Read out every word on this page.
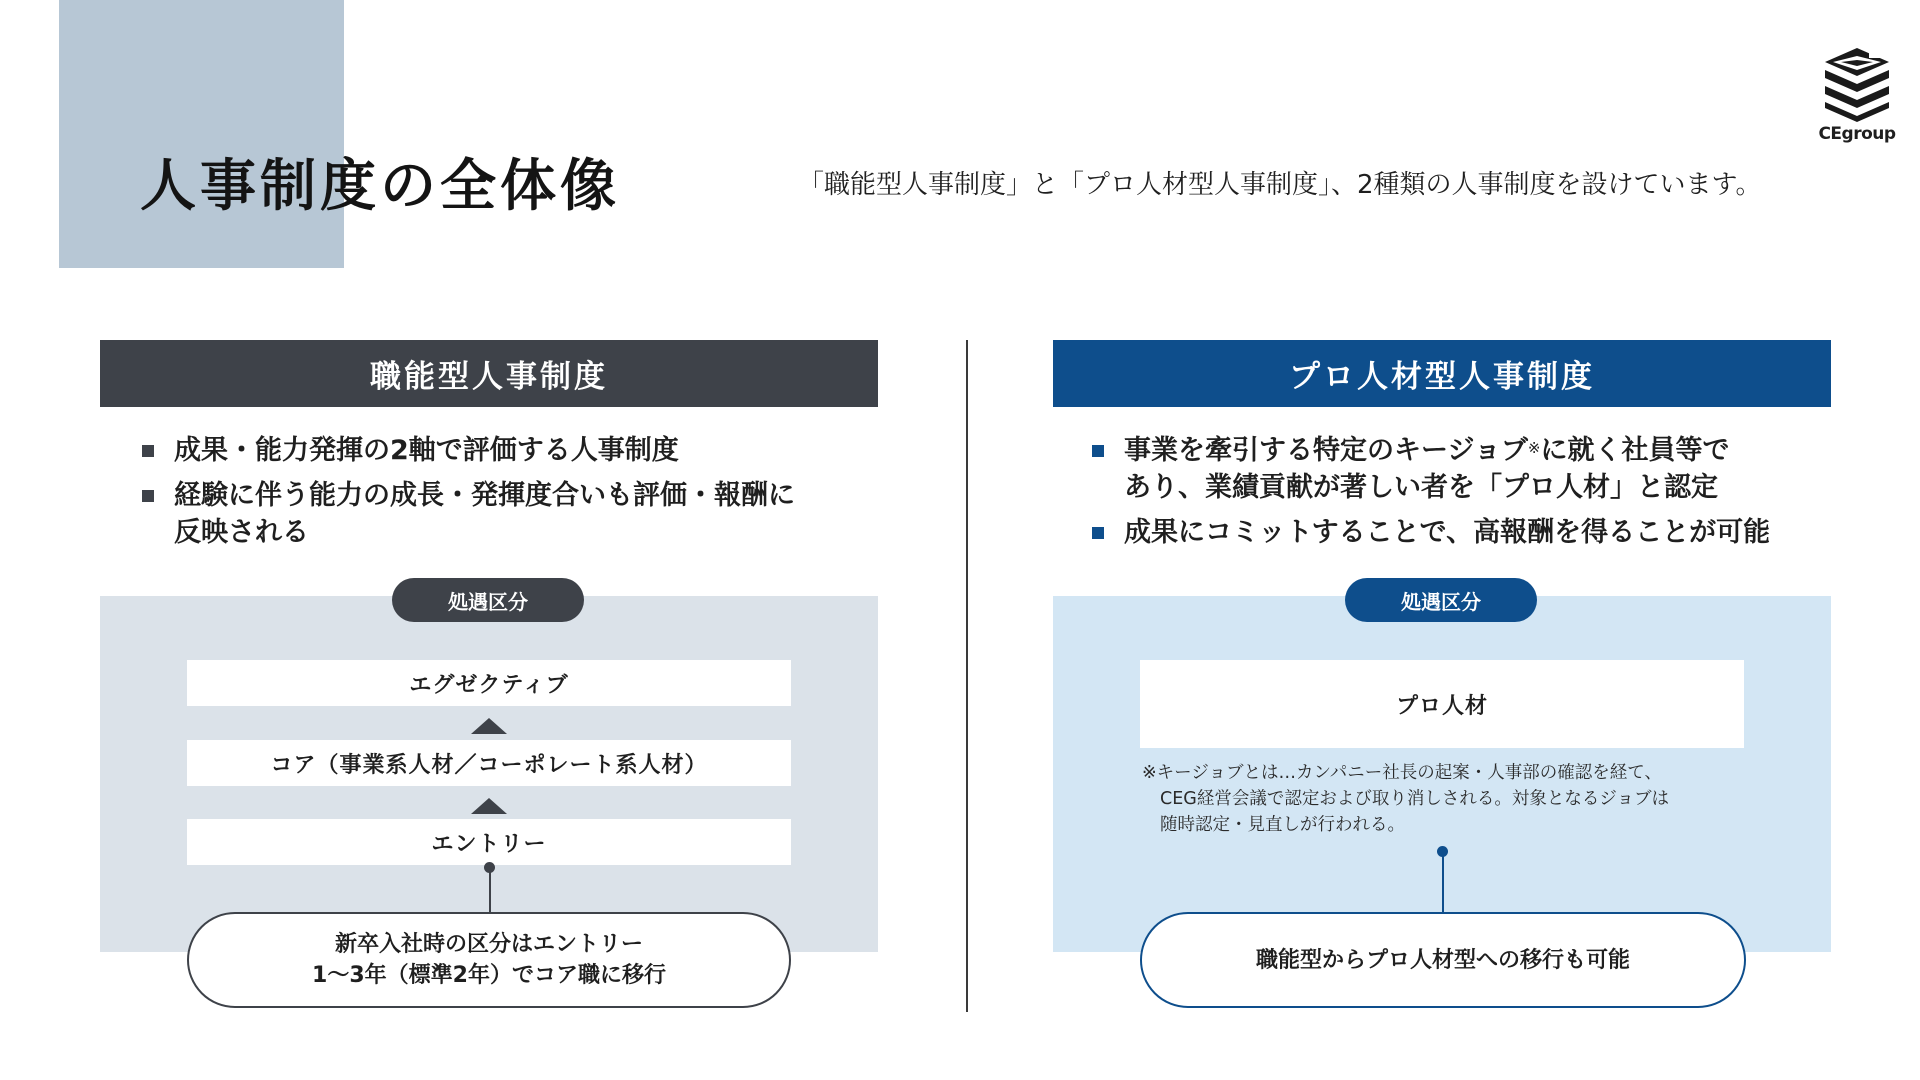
人事制度の全体像	「職能型人事制度」と「プロ人材型人事制度」、2種類の人事制度を設けています。
CEgroup
職能型人事制度
成果・能力発揮の2軸で評価する人事制度
経験に伴う能力の成長・発揮度合いも評価・報酬に
反映される
処遇区分
エグゼクティブ
コア（事業系人材／コーポレート系人材）
エントリー
新卒入社時の区分はエントリー
1〜3年（標準2年）でコア職に移行
プロ人材型人事制度
事業を牽引する特定のキージョブ※に就く社員等で
あり、業績貢献が著しい者を「プロ人材」と認定
成果にコミットすることで、高報酬を得ることが可能
処遇区分
プロ人材
※キージョブとは…カンパニー社長の起案・人事部の確認を経て、
CEG経営会議で認定および取り消しされる。対象となるジョブは
随時認定・見直しが行われる。
職能型からプロ人材型への移行も可能
